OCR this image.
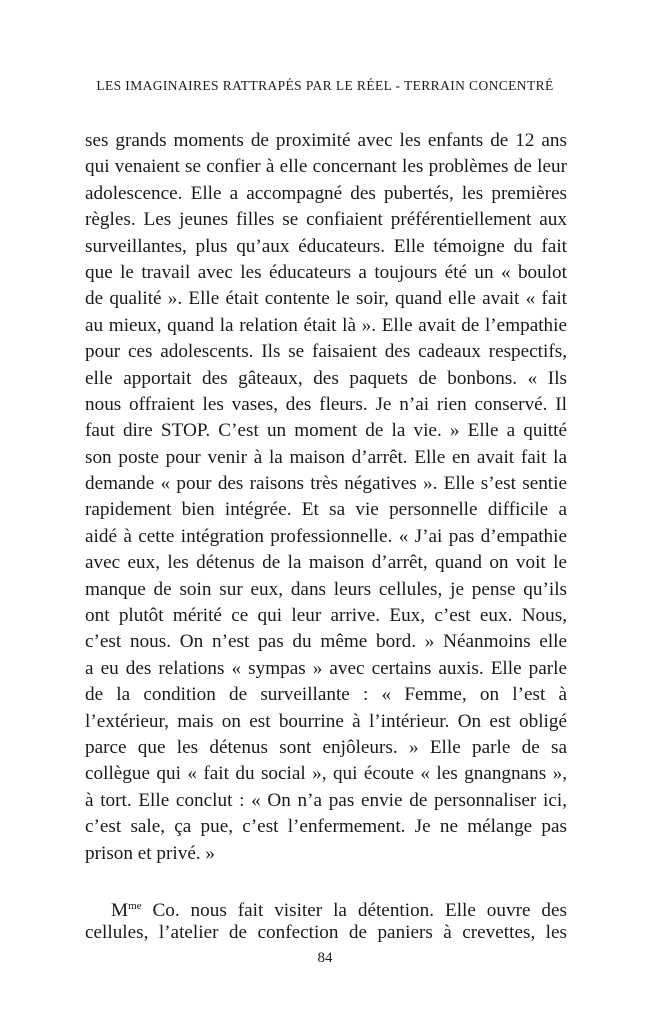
LES IMAGINAIRES RATTRAPÉS PAR LE RÉEL - TERRAIN CONCENTRÉ
ses grands moments de proximité avec les enfants de 12 ans
qui venaient se confier à elle concernant les problèmes de leur
adolescence. Elle a accompagné des pubertés, les premières
règles. Les jeunes filles se confiaient préférentiellement aux
surveillantes, plus qu’aux éducateurs. Elle témoigne du fait
que le travail avec les éducateurs a toujours été un « boulot
de qualité ». Elle était contente le soir, quand elle avait « fait
au mieux, quand la relation était là ». Elle avait de l’empathie
pour ces adolescents. Ils se faisaient des cadeaux respectifs,
elle apportait des gâteaux, des paquets de bonbons. « Ils
nous offraient les vases, des fleurs. Je n’ai rien conservé. Il
faut dire STOP. C’est un moment de la vie. » Elle a quitté
son poste pour venir à la maison d’arrêt. Elle en avait fait la
demande « pour des raisons très négatives ». Elle s’est sentie
rapidement bien intégrée. Et sa vie personnelle difficile a
aidé à cette intégration professionnelle. « J’ai pas d’empathie
avec eux, les détenus de la maison d’arrêt, quand on voit le
manque de soin sur eux, dans leurs cellules, je pense qu’ils
ont plutôt mérité ce qui leur arrive. Eux, c’est eux. Nous,
c’est nous. On n’est pas du même bord. » Néanmoins elle
a eu des relations « sympas » avec certains auxis. Elle parle
de la condition de surveillante : « Femme, on l’est à
l’extérieur, mais on est bourrine à l’intérieur. On est obligé
parce que les détenus sont enjôleurs. » Elle parle de sa
collègue qui « fait du social », qui écoute « les gnangnans »,
à tort. Elle conclut : « On n’a pas envie de personnaliser ici,
c’est sale, ça pue, c’est l’enfermement. Je ne mélange pas
prison et privé. »
$M^{me}$ Co. nous fait visiter la détention. Elle ouvre des
cellules, l’atelier de confection de paniers à crevettes, les
84
